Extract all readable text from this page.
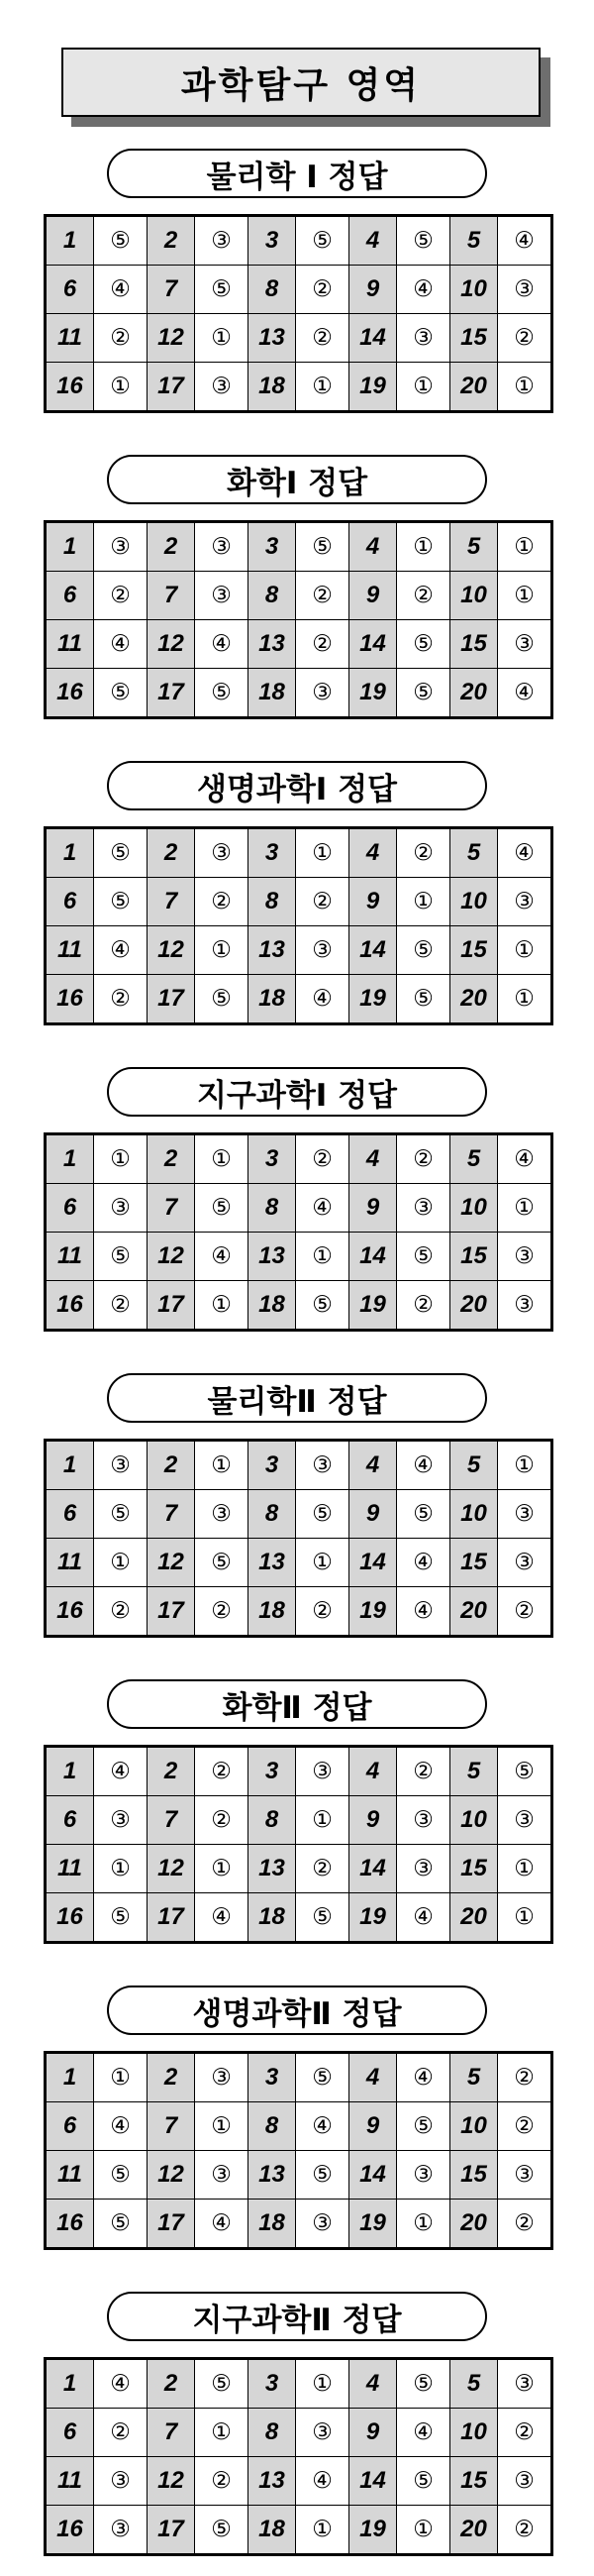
과학탐구 영역
물리학 Ⅰ 정답
1	⑤	2	③	3	⑤	4	⑤	5	④
6	④	7	⑤	8	②	9	④	10	③
11	②	12	①	13	②	14	③	15	②
16	①	17	③	18	①	19	①	20	①
화학Ⅰ 정답
1	③	2	③	3	⑤	4	①	5	①
6	②	7	③	8	②	9	②	10	①
11	④	12	④	13	②	14	⑤	15	③
16	⑤	17	⑤	18	③	19	⑤	20	④
생명과학Ⅰ 정답
1	⑤	2	③	3	①	4	②	5	④
6	⑤	7	②	8	②	9	①	10	③
11	④	12	①	13	③	14	⑤	15	①
16	②	17	⑤	18	④	19	⑤	20	①
지구과학Ⅰ 정답
1	①	2	①	3	②	4	②	5	④
6	③	7	⑤	8	④	9	③	10	①
11	⑤	12	④	13	①	14	⑤	15	③
16	②	17	①	18	⑤	19	②	20	③
물리학Ⅱ 정답
1	③	2	①	3	③	4	④	5	①
6	⑤	7	③	8	⑤	9	⑤	10	③
11	①	12	⑤	13	①	14	④	15	③
16	②	17	②	18	②	19	④	20	②
화학Ⅱ 정답
1	④	2	②	3	③	4	②	5	⑤
6	③	7	②	8	①	9	③	10	③
11	①	12	①	13	②	14	③	15	①
16	⑤	17	④	18	⑤	19	④	20	①
생명과학Ⅱ 정답
1	①	2	③	3	⑤	4	④	5	②
6	④	7	①	8	④	9	⑤	10	②
11	⑤	12	③	13	⑤	14	③	15	③
16	⑤	17	④	18	③	19	①	20	②
지구과학Ⅱ 정답
1	④	2	⑤	3	①	4	⑤	5	③
6	②	7	①	8	③	9	④	10	②
11	③	12	②	13	④	14	⑤	15	③
16	③	17	⑤	18	①	19	①	20	②
